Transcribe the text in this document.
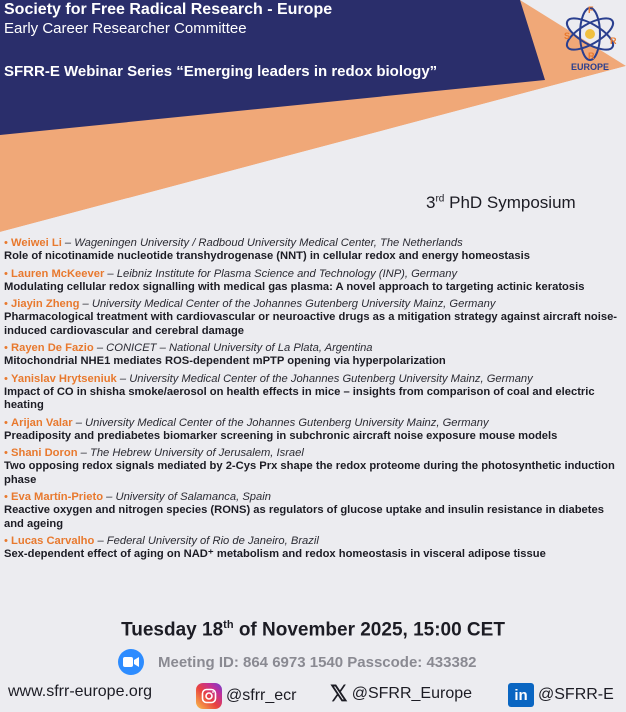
Society for Free Radical Research - Europe
Early Career Researcher Committee
SFRR-E Webinar Series “Emerging leaders in redox biology”
F
S	R
R
EUROPE
3rd PhD Symposium
• Weiwei Li – Wageningen University / Radboud University Medical Center, The Netherlands
Role of nicotinamide nucleotide transhydrogenase (NNT) in cellular redox and energy homeostasis
• Lauren McKeever – Leibniz Institute for Plasma Science and Technology (INP), Germany
Modulating cellular redox signalling with medical gas plasma: A novel approach to targeting actinic keratosis
• Jiayin Zheng – University Medical Center of the Johannes Gutenberg University Mainz, Germany
Pharmacological treatment with cardiovascular or neuroactive drugs as a mitigation strategy against aircraft noise-induced cardiovascular and cerebral damage
• Rayen De Fazio – CONICET – National University of La Plata, Argentina
Mitochondrial NHE1 mediates ROS-dependent mPTP opening via hyperpolarization
• Yanislav Hrytseniuk – University Medical Center of the Johannes Gutenberg University Mainz, Germany
Impact of CO in shisha smoke/aerosol on health effects in mice – insights from comparison of coal and electric heating
• Arijan Valar – University Medical Center of the Johannes Gutenberg University Mainz, Germany
Preadiposity and prediabetes biomarker screening in subchronic aircraft noise exposure mouse models
• Shani Doron – The Hebrew University of Jerusalem, Israel
Two opposing redox signals mediated by 2-Cys Prx shape the redox proteome during the photosynthetic induction phase
• Eva Martín-Prieto – University of Salamanca, Spain
Reactive oxygen and nitrogen species (RONS) as regulators of glucose uptake and insulin resistance in diabetes and ageing
• Lucas Carvalho – Federal University of Rio de Janeiro, Brazil
Sex-dependent effect of aging on NAD⁺ metabolism and redox homeostasis in visceral adipose tissue
Tuesday 18th of November 2025, 15:00 CET
Meeting ID: 864 6973 1540 Passcode: 433382
www.sfrr-europe.org	@sfrr_ecr 𝕏 @SFRR_Europe	in @SFRR-E
